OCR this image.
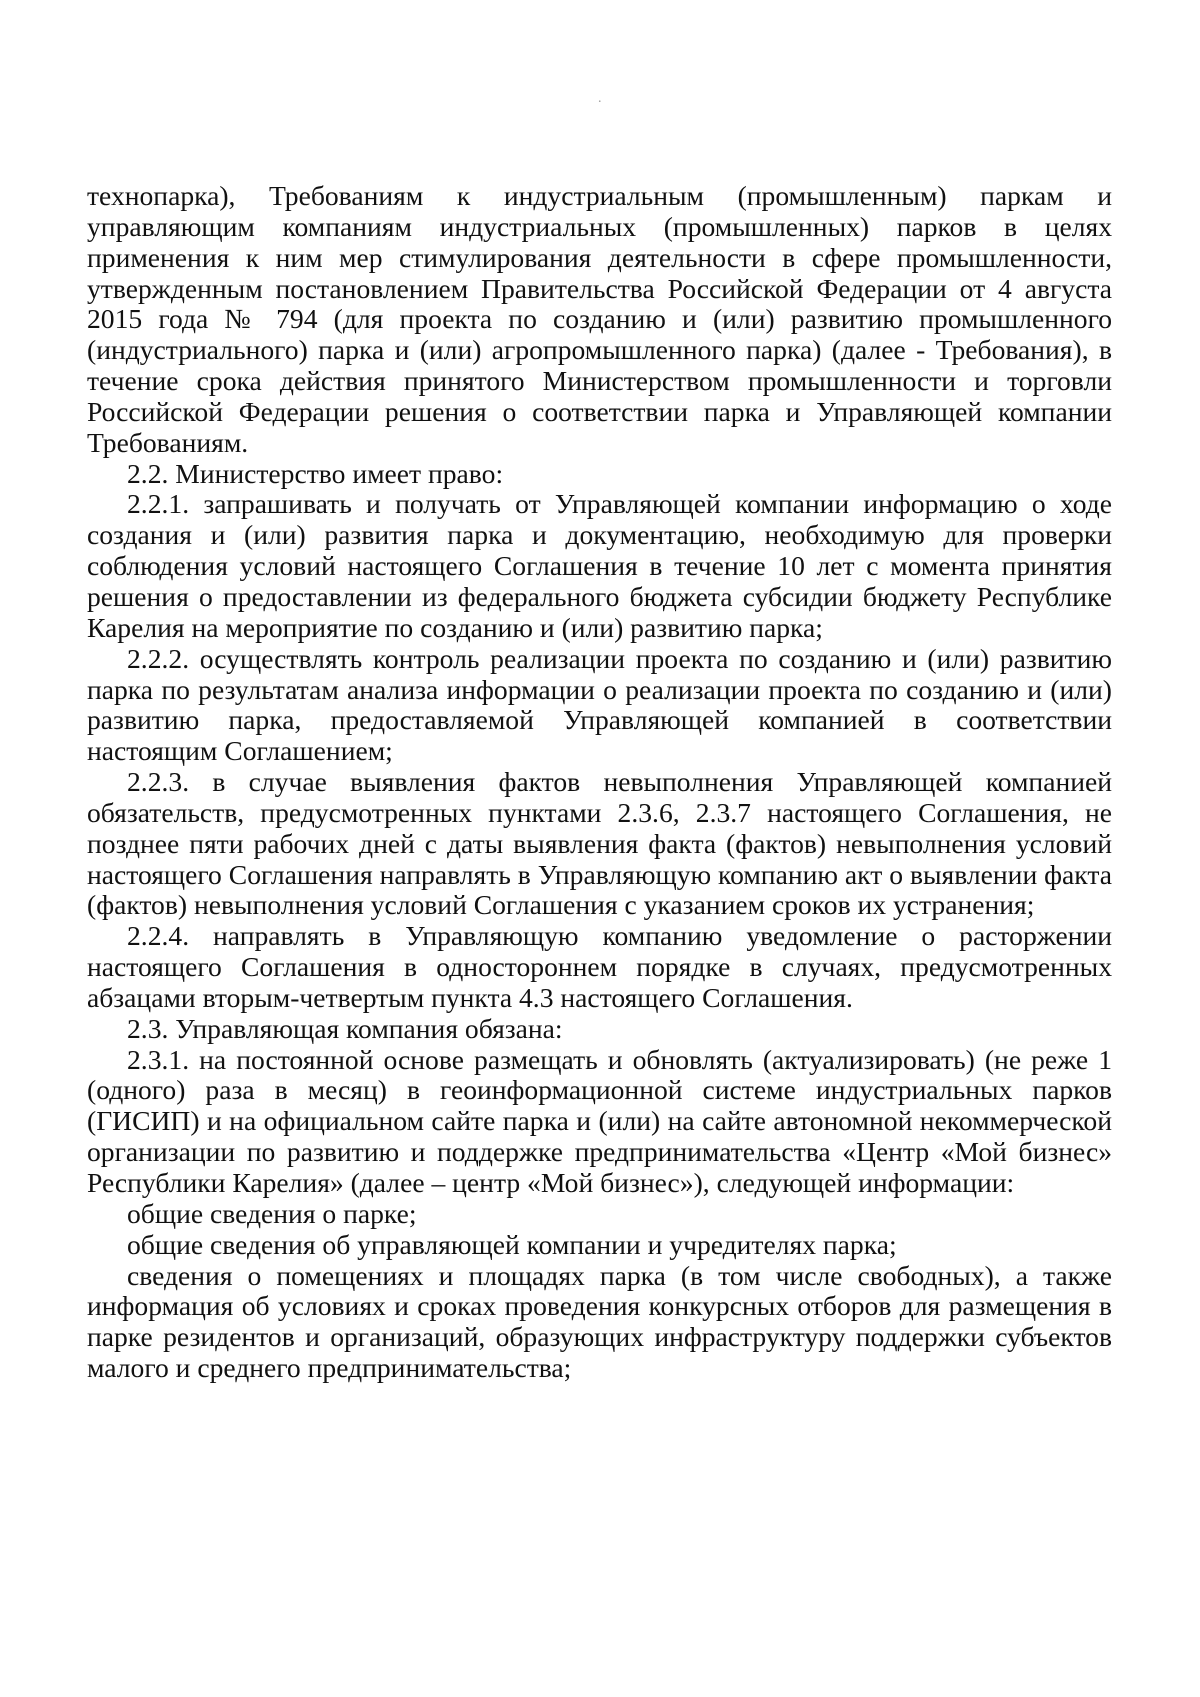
.

технопарка), Требованиям к индустриальным (промышленным) паркам и управляющим компаниям индустриальных (промышленных) парков в целях применения к ним мер стимулирования деятельности в сфере промышленности, утвержденным постановлением Правительства Российской Федерации от 4 августа 2015 года № 794 (для проекта по созданию и (или) развитию промышленного (индустриального) парка и (или) агропромышленного парка) (далее - Требования), в течение срока действия принятого Министерством промышленности и торговли Российской Федерации решения о соответствии парка и Управляющей компании Требованиям.

2.2. Министерство имеет право:

2.2.1. запрашивать и получать от Управляющей компании информацию о ходе создания и (или) развития парка и документацию, необходимую для проверки соблюдения условий настоящего Соглашения в течение 10 лет с момента принятия решения о предоставлении из федерального бюджета субсидии бюджету Республике Карелия на мероприятие по созданию и (или) развитию парка;

2.2.2. осуществлять контроль реализации проекта по созданию и (или) развитию парка по результатам анализа информации о реализации проекта по созданию и (или) развитию парка, предоставляемой Управляющей компанией в соответствии настоящим Соглашением;

2.2.3. в случае выявления фактов невыполнения Управляющей компанией обязательств, предусмотренных пунктами 2.3.6, 2.3.7 настоящего Соглашения, не позднее пяти рабочих дней с даты выявления факта (фактов) невыполнения условий настоящего Соглашения направлять в Управляющую компанию акт о выявлении факта (фактов) невыполнения условий Соглашения с указанием сроков их устранения;

2.2.4. направлять в Управляющую компанию уведомление о расторжении настоящего Соглашения в одностороннем порядке в случаях, предусмотренных абзацами вторым-четвертым пункта 4.3 настоящего Соглашения.

2.3. Управляющая компания обязана:

2.3.1. на постоянной основе размещать и обновлять (актуализировать) (не реже 1 (одного) раза в месяц) в геоинформационной системе индустриальных парков (ГИСИП) и на официальном сайте парка и (или) на сайте автономной некоммерческой организации по развитию и поддержке предпринимательства «Центр «Мой бизнес» Республики Карелия» (далее – центр «Мой бизнес»), следующей информации:

общие сведения о парке;

общие сведения об управляющей компании и учредителях парка;

сведения о помещениях и площадях парка (в том числе свободных), а также информация об условиях и сроках проведения конкурсных отборов для размещения в парке резидентов и организаций, образующих инфраструктуру поддержки субъектов малого и среднего предпринимательства;
